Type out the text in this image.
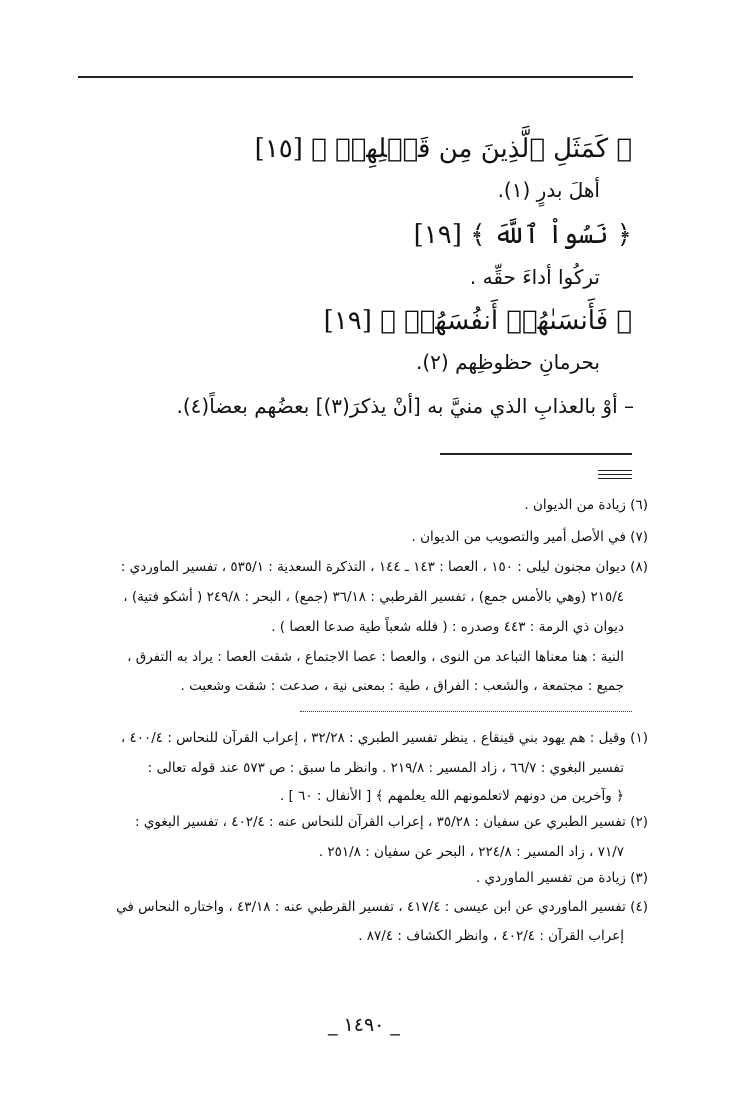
﴿ كَمَثَلِ ٱلَّذِينَ مِن قَبۡلِهِمۡ ﴾ [١٥]
أهلَ بدرٍ (١).
﴿ نَسُواْ ٱللَّهَ ﴾ [١٩]
تركُوا أداءَ حقِّه .
﴿ فَأَنسَىٰهُمۡ أَنفُسَهُمۡ ﴾ [١٩]
بحرمانِ حظوظِهم (٢).
– أوْ بالعذابِ الذي منيَّ به [أنْ يذكرَ(٣)] بعضُهم بعضاً(٤).
(٦) زيادة من الديوان .
(٧) في الأصل أمير والتصويب من الديوان .
(٨) ديوان مجنون ليلى : ١٥٠ ، العصا : ١٤٣ ـ ١٤٤ ، التذكرة السعدية : ٥٣٥/١ ، تفسير الماوردي :
٢١٥/٤ (وهي بالأمس جمع) ، تفسير القرطبي : ٣٦/١٨ (جمع) ، البحر : ٢٤٩/٨ ( أشكو فتية) ،
ديوان ذي الرمة : ٤٤٣ وصدره : ( فلله شعباً طية صدعا العصا ) .
النية : هنا معناها التباعد من النوى ، والعصا : عصا الاجتماع ، شقت العصا : يراد به التفرق ،
جميع : مجتمعة ، والشعب : الفراق ، طية : بمعنى نية ، صدعت : شقت وشعبت .
(١) وقيل : هم يهود بني قينقاع . ينظر تفسير الطبري : ٣٢/٢٨ ، إعراب القرآن للنحاس : ٤٠٠/٤ ،
تفسير البغوي : ٦٦/٧ ، زاد المسير : ٢١٩/٨ . وانظر ما سبق : ص ٥٧٣ عند قوله تعالى :
﴿ وآخرين من دونهم لاتعلمونهم الله يعلمهم ﴾ [ الأنفال : ٦٠ ] .
(٢) تفسير الطبري عن سفيان : ٣٥/٢٨ ، إعراب القرآن للنحاس عنه : ٤٠٢/٤ ، تفسير البغوي :
٧١/٧ ، زاد المسير : ٢٢٤/٨ ، البحر عن سفيان : ٢٥١/٨ .
(٣) زيادة من تفسير الماوردي .
(٤) تفسير الماوردي عن ابن عيسى : ٤١٧/٤ ، تفسير القرطبي عنه : ٤٣/١٨ ، واختاره النحاس في
إعراب القرآن : ٤٠٢/٤ ، وانظر الكشاف : ٨٧/٤ .
_ ١٤٩٠ _
